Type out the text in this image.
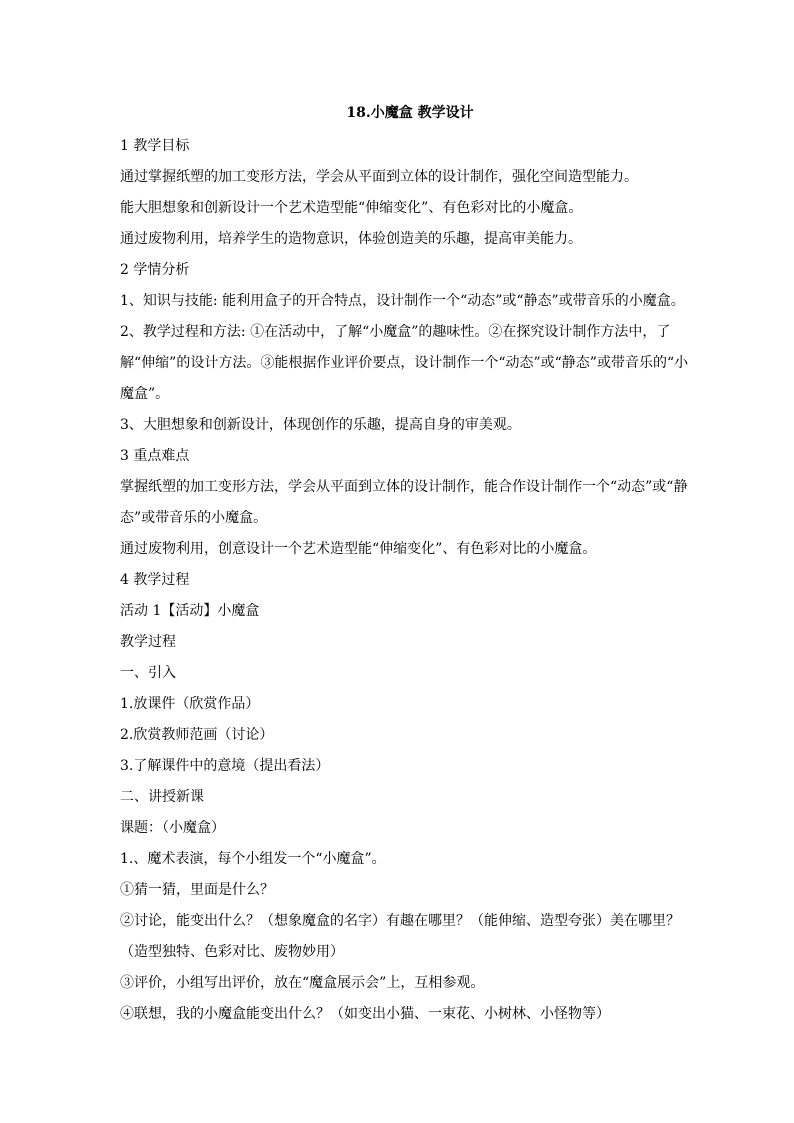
18.小魔盒 教学设计
1 教学目标
通过掌握纸塑的加工变形方法，学会从平面到立体的设计制作，强化空间造型能力。
能大胆想象和创新设计一个艺术造型能“伸缩变化”、有色彩对比的小魔盒。
通过废物利用，培养学生的造物意识，体验创造美的乐趣，提高审美能力。
2 学情分析
1、知识与技能: 能利用盒子的开合特点，设计制作一个“动态”或“静态”或带音乐的小魔盒。
2、教学过程和方法: ①在活动中，了解“小魔盒”的趣味性。②在探究设计制作方法中，了
解“伸缩”的设计方法。③能根据作业评价要点，设计制作一个“动态”或“静态”或带音乐的“小
魔盒”。
3、大胆想象和创新设计，体现创作的乐趣，提高自身的审美观。
3 重点难点
掌握纸塑的加工变形方法，学会从平面到立体的设计制作，能合作设计制作一个“动态”或“静
态”或带音乐的小魔盒。
通过废物利用，创意设计一个艺术造型能“伸缩变化”、有色彩对比的小魔盒。
4 教学过程
活动 1【活动】小魔盒
教学过程
一、引入
1.放课件（欣赏作品）
2.欣赏教师范画（讨论）
3.了解课件中的意境（提出看法）
二、讲授新课
课题：（小魔盒）
1.、魔术表演，每个小组发一个“小魔盒”。
①猜一猜，里面是什么？
②讨论，能变出什么？（想象魔盒的名字）有趣在哪里？（能伸缩、造型夸张）美在哪里？
（造型独特、色彩对比、废物妙用）
③评价，小组写出评价，放在“魔盒展示会”上，互相参观。
④联想，我的小魔盒能变出什么？（如变出小猫、一束花、小树林、小怪物等）
